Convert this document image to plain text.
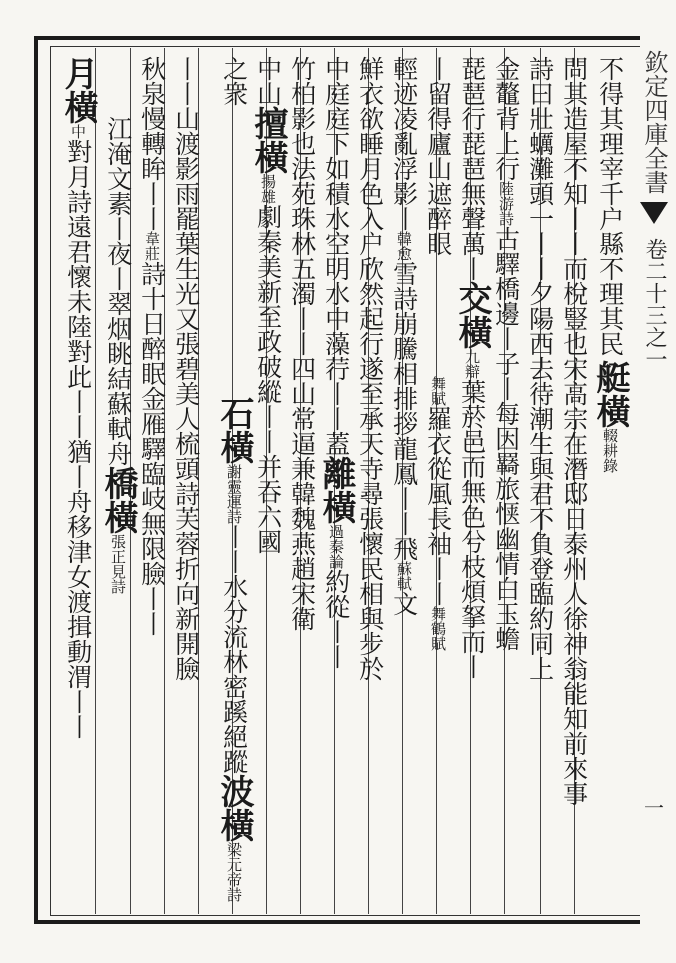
欽定四庫全書
卷二十三之一
一
不得其理宰千户縣不理其民
艇橫
輟耕錄
問其造屋不知丨丨而梲豎也
宋高宗在潛邸日泰州人徐神翁能知前來事
詩曰壯蠣灘頭一丨丨夕陽西去待潮生與君不負登臨約同上
金鼇背上行
陸游詩
古驛橋邊丨子丨每因羇旅惬幽情白玉蟾
琵琶行琵琶無聲萬丨
交橫
九辯
葉菸邑而無色兮枝煩拏而丨
丨留得廬山遮醉眼
舞賦
羅衣從風長袖丨丨
舞鶴賦
輕迹凌亂浮影丨
韓愈
雪詩崩騰相排拶龍鳳丨丨飛
蘇軾
文
鮮衣欲睡月色入户欣然起行遂至承天寺尋張懷民相與步於
中庭庭下如積水空明水中藻荇丨丨蓋
離橫
過秦論
約從丨丨
竹柏影也
法苑珠林
五濁丨丨四山常逼
兼韓魏燕趙宋衛
中山
擅橫
揚雄
劇秦美新至政破縱丨丨并吞六國
之衆
石橫
謝靈運詩
丨丨水分流林密蹊絕蹤
波橫
梁元帝詩
丨丨山渡影雨罷葉生光又
張碧美人梳頭詩芙蓉折向新開臉
秋泉慢轉眸丨丨
韋莊
詩十日醉眠金雁驛臨岐無限臉丨丨
江淹文素丨夜丨翠烟眺結蘇軾舟
橋橫
張正見詩
月橫
中
對月詩遠君懷未陸對此丨丨猶丨
舟移津女渡揖動渭丨丨
